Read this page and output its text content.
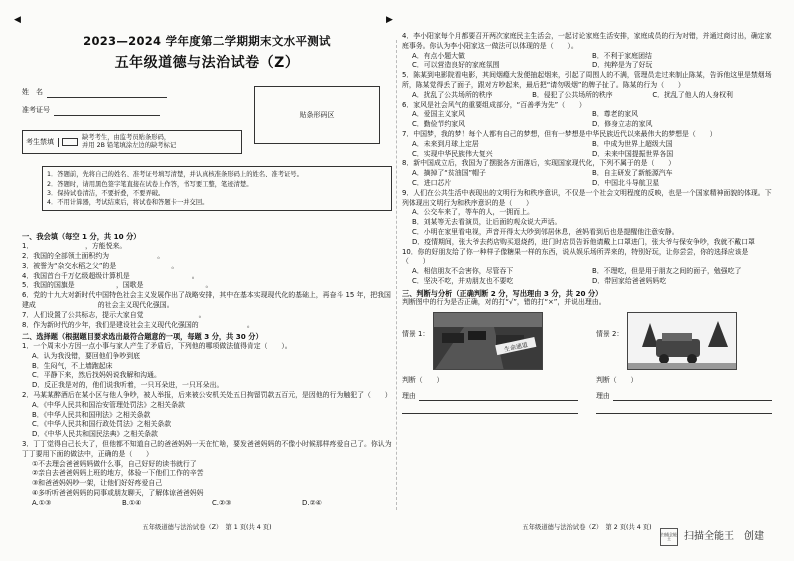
◀	▶
2023—2024 学年度第二学期期末文水平测试
五年级道德与法治试卷（Z）
姓　名
准考证号
贴条形码区
考生禁填	缺考考生，由监考员贴条形码，
并用 2B 铅笔填涂左边的缺考标记
1．答题前，先将自己的姓名、准考证号填写清楚，并认真核准条形码上的姓名、准考证号。
2．答题时，请用黑色签字笔直接在试卷上作答，书写要工整，笔迹清楚。
3．保持试卷清洁，不要折叠，不要弄破。
4．不用计算器，考试结束后，将试卷和答题卡一并交回。
一、我会填（每空 1 分，共 10 分）
1．　　　　　　　　，方能悦来。
2．我国的全部领土面积约为　　　　　　　。
3．被誉为“杂交水稻之父”的是　　　　　　　　。
4．我国首台千万亿级超级计算机是　　　　　　　　　。
5．我国的国旗是　　　　　　，国歌是　　　　　　　　　。
6．党的十九大对新时代中国特色社会主义发展作出了战略安排，其中在基本实现现代化的基础上，再奋斗 15 年，把我国建成　　　　　　　　　的社会主义现代化强国。
7．人们设置了公共标志，提示大家自觉　　　　　　　　。
8．作为新时代的少年，我们是建设社会主义现代化强国的　　　　　　　。
二、选择题（根据题目要求选出最符合题意的一项，每题 3 分，共 30 分）
1．一个周末小方因一点小事与家人产生了矛盾后，下列他的哪项做法值得肯定（　　）。
A．认为我没错，要回他们争吵到底
B．生闷气，不上墙跑起床
C．平静下来，然后找妈妈说我解和沟通。
D．反正我是对的，他们说我听着，一只耳朵进，一只耳朵出。
2．马某某醉酒后在某小区与他人争吵，被人举报，后来被公安机关处五日拘留罚款五百元，是因他的行为触犯了（　　）
A．《中华人民共和国治安管理处罚法》之相关条款
B．《中华人民共和国刑法》之相关条款
C．《中华人民共和国行政处罚法》之相关条款
D．《中华人民共和国民法典》之相关条款
3．丁丁觉得自己长大了，但他都不知道自己的爸爸妈妈一天在忙啥，要发爸爸妈妈的不像小时候那样疼爱自己了。你认为丁丁要用下面的做法中，正确的是（　　）
①不去理会爸爸妈妈做什么事，自己好好的读书就行了
②亲自去爸爸妈妈上班的地方，体验一下他们工作的辛苦
③和爸爸妈妈吵一架，让他们好好疼爱自己
④多听听爸爸妈妈的同事或朋友聊天，了解体谅爸爸妈妈
A.①③	B.①④	C.②③	D.②④
五年级道德与法治试卷（Z）　第 1 页(共 4 页)
4．李小阳家每个月都要召开两次家庭民主生活会，一起讨论家庭生活安排，家庭成员的行为对错，并通过商讨出，确定家庭事务。你认为李小阳家这一做法可以体现的是（　　）。
A．有点小题大做	B．不利于家庭团结
C．可以营造良好的家庭氛围	D．纯粹是为了好玩
5．陈某到电影院看电影，其间烟瘾大发便抽起烟来，引起了周围人的不满，管理员走过来制止陈某，告诉他这里是禁烟场所，陈某觉得丢了面子，跟对方吵起来，最后把“请勿吸烟”的牌子扯了。陈某的行为（　　）
A．扰乱了公共场所的秩序	B．侵犯了公共场所的秩序	C．扰乱了他人的人身权利
6．家风是社会风气的重要组成部分，“百善孝为先”（　　）
A．爱国主义家风	B．尊老的家风
C．勤俭节约家风	D．修身立志的家风
7．中国梦，我的梦！每个人都有自己的梦想，但有一梦想是中华民族近代以来最伟大的梦想是（　　）
A．未来到月球上定居	B．中成为世界上超级大国
C．实现中华民族伟大复兴	D．未来中国提振世界各国
8．新中国成立后，我国为了摆脱各方面落后，实现国家现代化，下列不属于的是（　　）
A．摘掉了“贫油国”帽子	B．自主研发了新能源汽车
C．进口芯片	D．中国北斗导航卫星
9．人们在公共生活中表现出的文明行为和秩序意识，不仅是一个社会文明程度的反映，也是一个国家精神面貌的体现。下列体现出文明行为和秩序意识的是（　　）
A．公交车来了，等车的人，一拥而上。
B．刘某等无去看演员，让后面的观众说大声话。
C．小明在家里看电视，声音开得太大吵到邻居休息，爸妈看到后也是提醒他注意安静。
D．疫情期间，张大爷去药店购买退烧药，进门时店员告诉他请戴上口罩进门，张大爷与保安争吵，我就不戴口罩
10．你的好朋友给了你一种样子像糖果一样的东西，说从娱乐场所弄来的，特别好玩，让你尝尝，你的选择应该是（　　）
A．相信朋友不会害你，尽管吞下	B．不理吃，但是用于朋友之间的面子，勉强吃了
C．坚决不吃，并劝朋友也不要吃	D．带回家给爸爸妈妈吃
三、判断与分析（正确判断 2 分，写出理由 3 分，共 20 分）
判断图中的行为是否正确，对的打“√”，错的打“×”，并说出理由。
情景 1：
生命通道
判断（　　）
理由
情景 2：
判断（　　）
理由
五年级道德与法治试卷（Z）　第 2 页(共 4 页)
扫描全能王	扫描全能王　创建
